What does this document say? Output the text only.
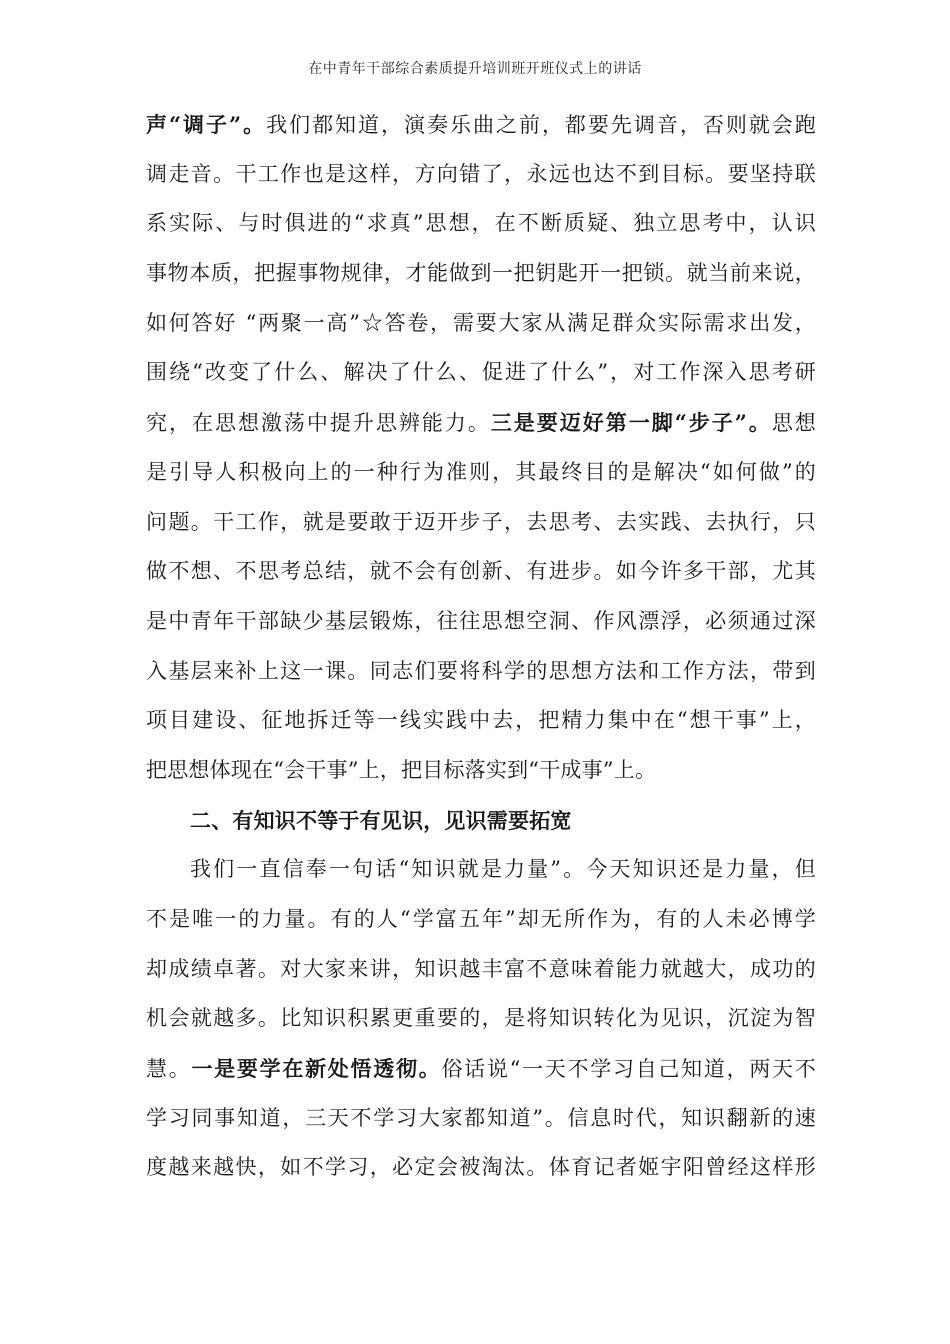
在中青年干部综合素质提升培训班开班仪式上的讲话
声“调子”。我们都知道，演奏乐曲之前，都要先调音，否则就会跑
调走音。干工作也是这样，方向错了，永远也达不到目标。要坚持联
系实际、与时俱进的“求真”思想，在不断质疑、独立思考中，认识
事物本质，把握事物规律，才能做到一把钥匙开一把锁。就当前来说，
如何答好 “两聚一高”☆答卷，需要大家从满足群众实际需求出发，
围绕“改变了什么、解决了什么、促进了什么”，对工作深入思考研
究，在思想激荡中提升思辨能力。三是要迈好第一脚“步子”。思想
是引导人积极向上的一种行为准则，其最终目的是解决“如何做”的
问题。干工作，就是要敢于迈开步子，去思考、去实践、去执行，只
做不想、不思考总结，就不会有创新、有进步。如今许多干部，尤其
是中青年干部缺少基层锻炼，往往思想空洞、作风漂浮，必须通过深
入基层来补上这一课。同志们要将科学的思想方法和工作方法，带到
项目建设、征地拆迁等一线实践中去，把精力集中在“想干事”上，
把思想体现在“会干事”上，把目标落实到“干成事”上。
二、有知识不等于有见识，见识需要拓宽
我们一直信奉一句话“知识就是力量”。今天知识还是力量，但
不是唯一的力量。有的人“学富五年”却无所作为，有的人未必博学
却成绩卓著。对大家来讲，知识越丰富不意味着能力就越大，成功的
机会就越多。比知识积累更重要的，是将知识转化为见识，沉淀为智
慧。一是要学在新处悟透彻。俗话说“一天不学习自己知道，两天不
学习同事知道，三天不学习大家都知道”。信息时代，知识翻新的速
度越来越快，如不学习，必定会被淘汰。体育记者姬宇阳曾经这样形
